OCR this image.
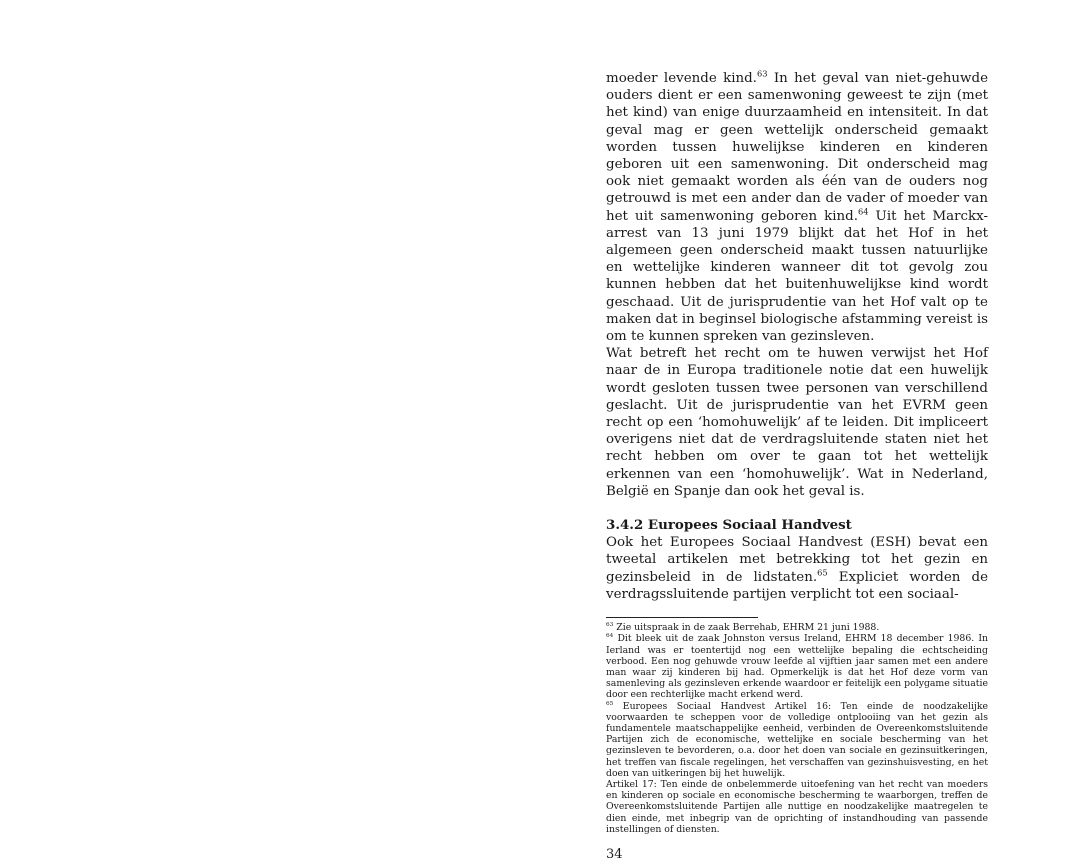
moeder levende kind.$^{63}$ In het geval van niet-gehuwde ouders dient er een samenwoning geweest te zijn (met het kind) van enige duurzaamheid en intensiteit. In dat geval mag er geen wettelijk onderscheid gemaakt worden tussen huwelijkse kinderen en kinderen geboren uit een samenwoning. Dit onderscheid mag ook niet gemaakt worden als één van de ouders nog getrouwd is met een ander dan de vader of moeder van het uit samenwoning geboren kind.$^{64}$ Uit het Marckx-arrest van 13 juni 1979 blijkt dat het Hof in het algemeen geen onderscheid maakt tussen natuurlijke en wettelijke kinderen wanneer dit tot gevolg zou kunnen hebben dat het buitenhuwelijkse kind wordt geschaad. Uit de jurisprudentie van het Hof valt op te maken dat in beginsel biologische afstamming vereist is om te kunnen spreken van gezinsleven.

Wat betreft het recht om te huwen verwijst het Hof naar de in Europa traditionele notie dat een huwelijk wordt gesloten tussen twee personen van verschillend geslacht. Uit de jurisprudentie van het EVRM geen recht op een ‘homohuwelijk’ af te leiden. Dit impliceert overigens niet dat de verdragsluitende staten niet het recht hebben om over te gaan tot het wettelijk erkennen van een ‘homohuwelijk’. Wat in Nederland, België en Spanje dan ook het geval is.

3.4.2 Europees Sociaal Handvest

Ook het Europees Sociaal Handvest (ESH) bevat een tweetal artikelen met betrekking tot het gezin en gezinsbeleid in de lidstaten.$^{65}$ Expliciet worden de verdragssluitende partijen verplicht tot een sociaal-

$^{63}$ Zie uitspraak in de zaak Berrehab, EHRM 21 juni 1988.

$^{64}$ Dit bleek uit de zaak Johnston versus Ireland, EHRM 18 december 1986. In Ierland was er toentertijd nog een wettelijke bepaling die echtscheiding verbood. Een nog gehuwde vrouw leefde al vijftien jaar samen met een andere man waar zij kinderen bij had. Opmerkelijk is dat het Hof deze vorm van samenleving als gezinsleven erkende waardoor er feitelijk een polygame situatie door een rechterlijke macht erkend werd.

$^{65}$ Europees Sociaal Handvest Artikel 16: Ten einde de noodzakelijke voorwaarden te scheppen voor de volledige ontplooiing van het gezin als fundamentele maatschappelijke eenheid, verbinden de Overeenkomstsluitende Partijen zich de economische, wettelijke en sociale bescherming van het gezinsleven te bevorderen, o.a. door het doen van sociale en gezinsuitkeringen, het treffen van fiscale regelingen, het verschaffen van gezinshuisvesting, en het doen van uitkeringen bij het huwelijk.

Artikel 17: Ten einde de onbelemmerde uitoefening van het recht van moeders en kinderen op sociale en economische bescherming te waarborgen, treffen de Overeenkomstsluitende Partijen alle nuttige en noodzakelijke maatregelen te dien einde, met inbegrip van de oprichting of instandhouding van passende instellingen of diensten.

34
